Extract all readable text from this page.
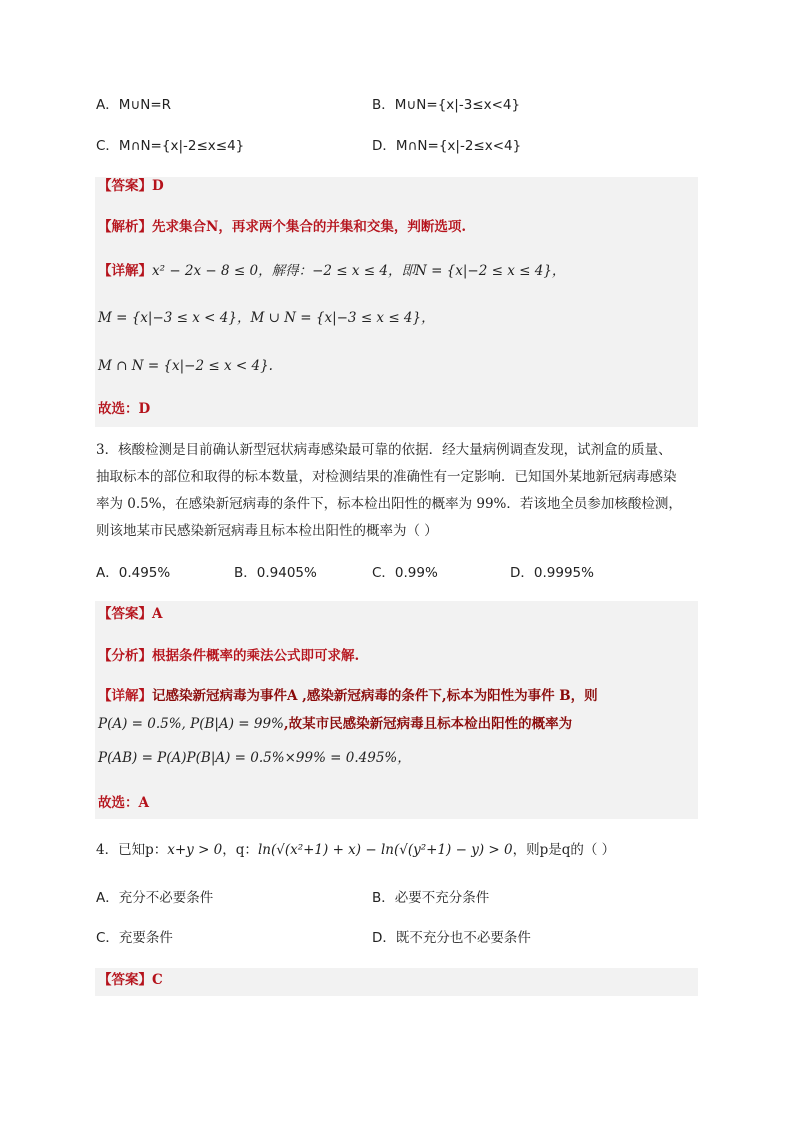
A．M∪N=R	B．M∪N={x|-3≤x<4}
C．M∩N={x|-2≤x≤4}	D．M∩N={x|-2≤x<4}
【答案】D
【解析】先求集合N，再求两个集合的并集和交集，判断选项.
【详解】x² − 2x − 8 ≤ 0，解得：−2 ≤ x ≤ 4，即N = {x|−2 ≤ x ≤ 4}，
M = {x|−3 ≤ x < 4}，M ∪ N = {x|−3 ≤ x ≤ 4}，
M ∩ N = {x|−2 ≤ x < 4}.
故选：D
3．核酸检测是目前确认新型冠状病毒感染最可靠的依据．经大量病例调查发现，试剂盒的质量、
抽取标本的部位和取得的标本数量，对检测结果的准确性有一定影响．已知国外某地新冠病毒感染
率为 0.5%，在感染新冠病毒的条件下，标本检出阳性的概率为 99%．若该地全员参加核酸检测，
则该地某市民感染新冠病毒且标本检出阳性的概率为（ ）
A．0.495%	B．0.9405%	C．0.99%	D．0.9995%
【答案】A
【分析】根据条件概率的乘法公式即可求解.
【详解】记感染新冠病毒为事件A ,感染新冠病毒的条件下,标本为阳性为事件 B，则
P(A) = 0.5%, P(B|A) = 99%,故某市民感染新冠病毒且标本检出阳性的概率为
P(AB) = P(A)P(B|A) = 0.5%×99% = 0.495%，
故选：A
4．已知p：x+y > 0，q：ln(√(x²+1) + x) − ln(√(y²+1) − y) > 0，则p是q的（ ）
A．充分不必要条件	B．必要不充分条件
C．充要条件	D．既不充分也不必要条件
【答案】C
